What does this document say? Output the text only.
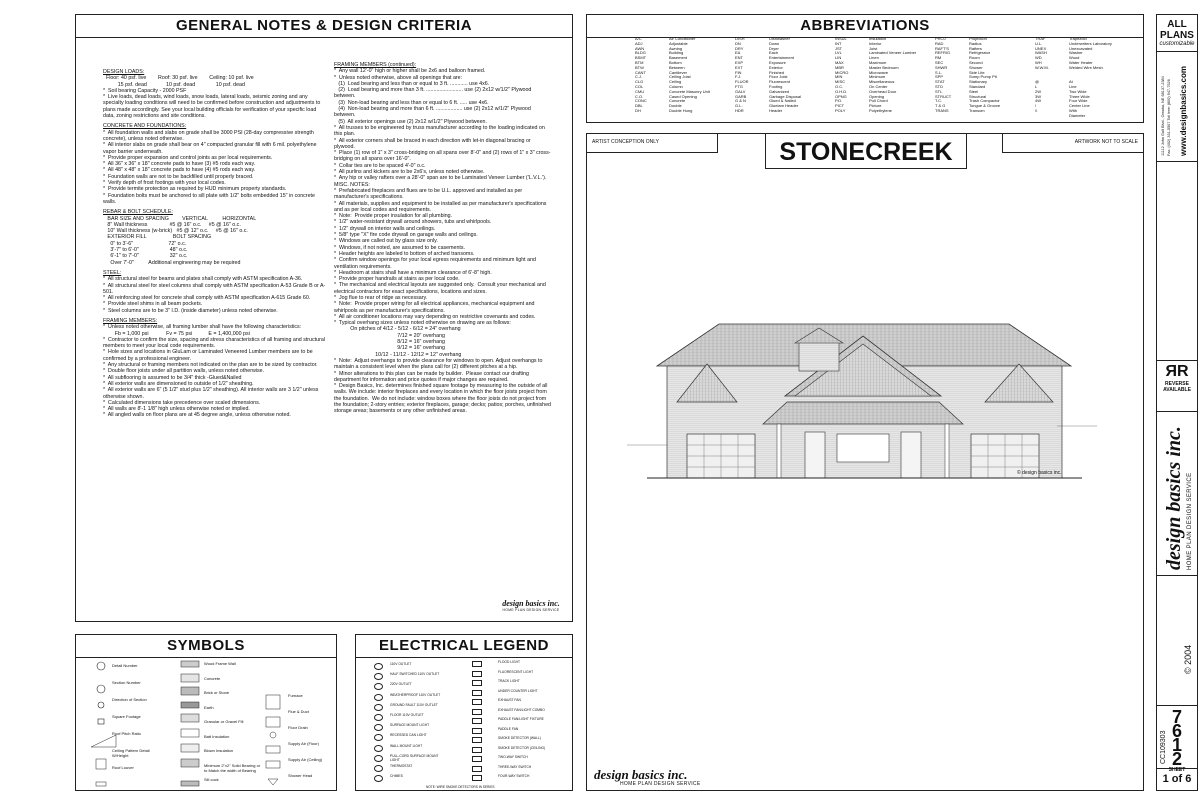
GENERAL NOTES & DESIGN CRITERIA
DESIGN LOADS:
Floor: 40 psf. live        Roof: 30 psf. live        Ceiling: 10 psf. live
15 psf. dead             10 psf. dead              10 psf. dead
*  Soil bearing Capacity - 2000 PSF
*  Live loads, dead loads, wind loads, snow loads, lateral loads, seismic zoning and any specialty loading conditions will need to be confirmed before construction and adjustments to plans made accordingly. See your local building officials for verification of your specific load data, zoning restrictions and site conditions.
CONCRETE AND FOUNDATIONS:
*  All foundation walls and slabs on grade shall be 3000 PSI (28-day compressive strength concrete), unless noted otherwise.
*  All interior slabs on grade shall bear on 4" compacted granular fill with 6 mil. polyethylene vapor barrier underneath.
*  Provide proper expansion and control joints as per local requirements.
*  All 36" x 36" x 18" concrete pads to have (3) #5 rods each way.
*  All 48" x 48" x 18" concrete pads to have (4) #5 rods each way.
*  Foundation walls are not to be backfilled until properly braced.
*  Verify depth of frost footings with your local codes.
*  Provide termite protection as required by HUD minimum property standards.
*  Foundation bolts must be anchored to sill plate with 1/2" bolts embedded 15" in concrete walls.
REBAR & BOLT SCHEDULE:
BAR SIZE AND SPACING         VERTICAL          HORIZONTAL
8" Wall thickness               #5 @ 16" o.c.     #5 @ 16" o.c.
10" Wall thickness (w-brick)   #5 @ 12" o.c.     #5 @ 16" o.c.
EXTERIOR FILL                  BOLT SPACING
0" to 3'-6"                        72" o.c.
3'-7" to 6'-0"                     48" o.c.
6'-1" to 7'-0"                     32" o.c.
Over 7'-0"          Additional engineering may be required
STEEL:
*  All structural steel for beams and plates shall comply with ASTM specification A-36.
*  All structural steel for steel columns shall comply with ASTM specification A-53 Grade B or A-501.
*  All reinforcing steel for concrete shall comply with ASTM specification A-615 Grade 60.
*  Provide steel shims in all beam pockets.
*  Steel columns are to be 3" I.D. (inside diameter) unless noted otherwise.
FRAMING MEMBERS:
*  Unless noted otherwise, all framing lumber shall have the following characteristics:
Fb = 1,000 psi            Fv = 75 psi           E = 1,400,000 psi
*  Contractor to confirm the size, spacing and stress characteristics of all framing and structural members to meet your local code requirements.
*  Hole sizes and locations in GluLam or Laminated Veneered Lumber members are to be confirmed by a professional engineer.
*  Any structural or framing members not indicated on the plan are to be sized by contractor.
*  Double floor joists under all partition walls, unless noted otherwise.
*  All subflooring is assumed to be 3/4" thick -Glued&Nailed
*  All exterior walls are dimensioned to outside of 1/2" sheathing.
*  All exterior walls are 6" (5 1/2" stud plus 1/2" sheathing). All interior walls are 3 1/2" unless otherwise shown.
*  Calculated dimensions take precedence over scaled dimensions.
*  All walls are 8'-1 1/8" high unless otherwise noted or implied.
*  All angled walls on floor plans are at 45 degree angle, unless otherwise noted.
FRAMING MEMBERS (continued):
*  Any wall 12'-0" high or higher shall be 2x6 and balloon framed.
*  Unless noted otherwise, above all openings that are:
(1)  Load bearing and less than or equal to 3 ft. ............ use 4x6.
(2)  Load bearing and more than 3 ft. ......................... use (2) 2x12 w/1/2" Plywood between.
(3)  Non-load bearing and less than or equal to 6 ft. ..... use 4x6.
(4)  Non-load bearing and more than 6 ft. .................. use (2) 2x12 w/1/2" Plywood between.
(5)  All exterior openings use (2) 2x12 w/1/2" Plywood between.
*  All trusses to be engineered by truss manufacturer according to the loading indicated on this plan.
*  All exterior corners shall be braced in each direction with let-in diagonal bracing or plywood.
*  Place (1) row of 1" x 3" cross-bridging on all spans over 8'-0" and (2) rows of 1" x 3" cross-bridging on all spans over 16'-0".
*  Collar ties are to be spaced 4'-0" o.c.
*  All purlins and kickers are to be 2x6's, unless noted otherwise.
*  Any hip or valley rafters over a 28'-0" span are to be Laminated Veneer Lumber ('L.V.L.').
MISC. NOTES:
*  Prefabricated fireplaces and flues are to be U.L. approved and installed as per manufacturer's specifications.
*  All materials, supplies and equipment to be installed as per manufacturer's specifications and as per local codes and requirements.
*  Note:  Provide proper insulation for all plumbing.
*  1/2" water-resistant drywall around showers, tubs and whirlpools.
*  1/2" drywall on interior walls and ceilings.
*  5/8" type "X" fire code drywall on garage walls and ceilings.
*  Windows are called out by glass size only.
*  Windows, if not noted, are assumed to be casements.
*  Header heights are labeled to bottom of arched transoms.
*  Confirm window openings for your local egress requirements and minimum light and ventilation requirements.
*  Headroom at stairs shall have a minimum clearance of 6'-8" high.
*  Provide proper handrails at stairs as per local code.
*  The mechanical and electrical layouts are suggested only.  Consult your mechanical and electrical contractors for exact specifications, locations and sizes.
*  Jog flue to rear of ridge as necessary.
*  Note:  Provide proper wiring for all electrical appliances, mechanical equipment and whirlpools as per manufacturer's specifications.
*  All air conditioner locations may vary depending on restrictive covenants and codes.
*  Typical overhang sizes unless noted otherwise on drawing are as follows:
On pitches of 4/12 - 5/12 - 6/12 = 24" overhang
7/12 = 20" overhang
8/12 = 16" overhang
9/12 = 16" overhang
10/12 - 11/12 - 12/12 = 12" overhang
*  Note:  Adjust overhangs to provide clearance for windows to open. Adjust overhangs to maintain a consistent level when the plans call for (2) different pitches at a hip.
*  Minor alterations to this plan can be made by builder.  Please contact our drafting department for information and price quotes if major changes are required.
*  Design Basics, Inc. determines finished square footage by measuring to the outside of all walls. We include: interior fireplaces and every location in which the floor joists project from the foundation.  We do not include: window boxes where the floor joists do not project from the foundation; 2-story entries; exterior fireplaces, garage; decks; patios; porches, unfinished storage areas; basements or any other unfinished areas.
design basics inc.
HOME PLAN DESIGN SERVICE
ABBREVIATIONS
A/C
ADJ
AWN
BLDG
BSMT
BTM
BTW
CANT
C.J.
CLG
COL
CMU
C.O.
CONC
DBL
DH
Air Conditioner
Adjustable
Awning
Building
Basement
Bottom
Between
Cantilever
Ceiling Joist
Ceiling
Column
Concrete Masonry Unit
Cased Opening
Concrete
Double
Double Hung
DISH
DN
DRY
EA
ENT
EXP
EXT
FIN
F.J.
FLUOR
FTG
GALV
GARB
G & N
G.L.
HDR
Dishwasher
Down
Dryer
Each
Entertainment
Exposure
Exterior
Finished
Floor Joist
Fluorescent
Footing
Galvanized
Garbage Disposal
Glued & Nailed
Gluelam Header
Header
INSUL
INT
JST
LVL
LIN
MAX
MBR
MICRO
MIN
MISC
O.C.
O.H.D.
OPNG
P.D.
PICT
POLY
Insulation
Interior
Joist
Laminated Veneer Lumber
Linen
Maximum
Master Bedroom
Microwave
Minimum
Miscellaneous
On Center
Overhead Door
Opening
Pull Chord
Picture
Polyethylene
PROJ
RAD
RAFT'S
REFRIG
RM
SEC
SHWR
S.L.
SPP
STAT
STD
STL
STRUCT
T.C.
T & G
TRANS
Projection
Radius
Rafters
Refrigerator
Room
Second
Shower
Side Lite
Sump Pump Pit
Stationary
Standard
Steel
Structural
Trash Compactor
Tongue & Groove
Transom
TRAF
U.L.
UNEX
WASH
WD
WH
W.W.M.

@
L
2W
3W
4W
\
\\
Trapezoid
Underwriters Laboratory
Unexcavated
Washer
Wood
Water Heater
Welded Wire Mesh

At
Line
Two Wide
Three Wide
Four Wide
Center Line
With
Diameter
ARTIST CONCEPTION ONLY	STONECREEK	ARTWORK NOT TO SCALE
© design basics inc.
SYMBOLS
Detail Number
Section Number
Direction of Section
Square Footage
Roof Pitch Ratio
Ceiling Pattern Detail W/Height
Roof Louver
Wood Frame Wall
Concrete
Brick or Stone
Earth
Granular or Gravel Fill
Batt Insulation
Blown Insulation
Minimum 2"x2" Solid Bearing or to Match the width of Bearing
Sill cock
Furnace
Flue & Duct
Floor Drain
Supply Air (Floor)
Supply Air (Ceiling)
Shower Head
ELECTRICAL LEGEND
110V OUTLET
HALF SWITCHED 110V OUTLET
220V OUTLET
WEATHERPROOF 110V OUTLET
GROUND FAULT 110V OUTLET
FLOOR 110V OUTLET
SURFACE MOUNT LIGHT
RECESSED CAN LIGHT
WALL MOUNT LIGHT
PULL-CORD SURFACE MOUNT LIGHT
THERMOSTAT
CHIMES
FLOOD LIGHT
FLUORESCENT LIGHT
TRACK LIGHT
UNDER COUNTER LIGHT
EXHAUST FAN
EXHAUST FAN/LIGHT COMBO
PADDLE FAN/LIGHT FIXTURE
PADDLE FAN
SMOKE DETECTOR (WALL)
SMOKE DETECTOR (CEILING)
TWO-WAY SWITCH
THREE-WAY SWITCH
FOUR-WAY SWITCH
NOTE: WIRE SMOKE DETECTORS IN SERIES
design basics inc.
HOME PLAN DESIGN SERVICE
ALL PLANS
customizable
11112 John Galt Blvd., Omaha, NE 68137-2384 Fax: (402) 331-5507 Toll free: (800) 947-7526 www.designbasics.com
ЯR
REVERSE
AVAILABLE
design basics inc. HOME PLAN DESIGN SERVICE
© 2004
CC109303
7612
SHEET
1 of 6
